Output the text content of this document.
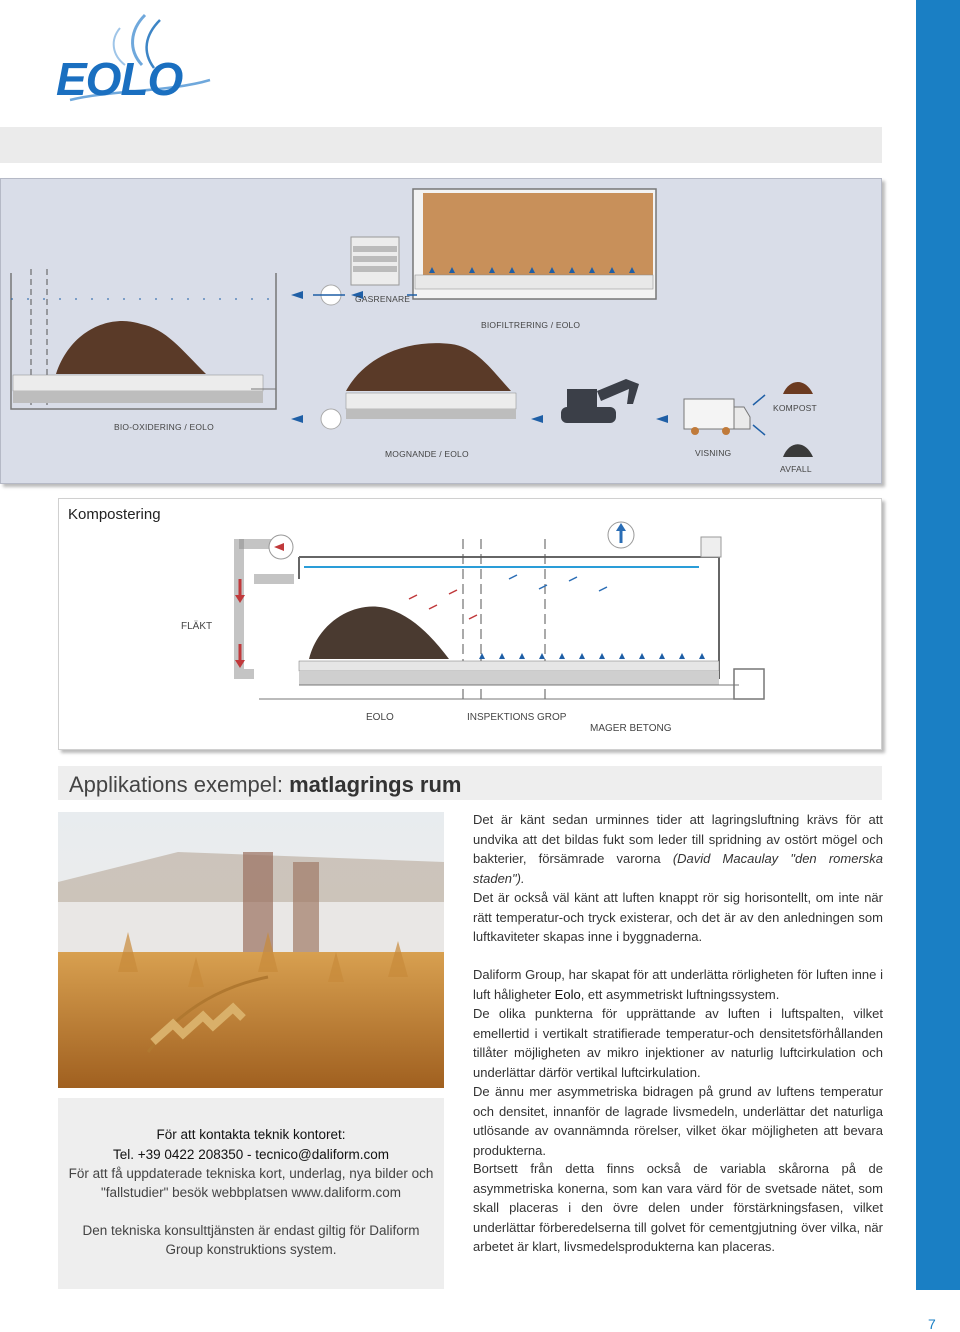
EOLO
GASRENARE
BIOFILTRERING / EOLO
BIO-OXIDERING / EOLO
MOGNANDE / EOLO	VISNING
KOMPOST
AVFALL
FLÄKT
EOLO	INSPEKTIONS GROP
MAGER BETONG
Kompostering
Applikations exempel: matlagrings rum
För att kontakta teknik kontoret:
Tel. +39 0422 208350 - tecnico@daliform.com
För att få uppdaterade tekniska kort, underlag, nya bilder och
"fallstudier" besök webbplatsen www.daliform.com
Den tekniska konsulttjänsten är endast giltig för Daliform
Group konstruktions system.
Det är känt sedan urminnes tider att lagringsluftning krävs för att undvika att det bildas fukt som leder till spridning av ostört mögel och bakterier, försämrade varorna (David Macaulay "den romerska staden").
Det är också väl känt att luften knappt rör sig horisontellt, om inte när rätt temperatur-och tryck existerar, och det är av den anledningen som luftkaviteter skapas inne i byggnaderna.
Daliform Group, har skapat för att underlätta rörligheten för luften inne i luft håligheter Eolo, ett asymmetriskt luftningssystem.
De olika punkterna för upprättande av luften i luftspalten, vilket emellertid i vertikalt stratifierade temperatur-och densitetsförhållanden tillåter möjligheten av mikro injektioner av naturlig luftcirkulation och underlättar därför vertikal luftcirkulation.
De ännu mer asymmetriska bidragen på grund av luftens temperatur och densitet, innanför de lagrade livsmedeln, underlättar det naturliga utlösande av ovannämnda rörelser, vilket ökar möjligheten att bevara produkterna.
Bortsett från detta finns också de variabla skårorna på de asymmetriska konerna, som kan vara värd för de svetsade nätet, som skall placeras i den övre delen under förstärkningsfasen, vilket underlättar förberedelserna till golvet för cementgjutning över vilka, när arbetet är klart, livsmedelsprodukterna kan placeras.
7
